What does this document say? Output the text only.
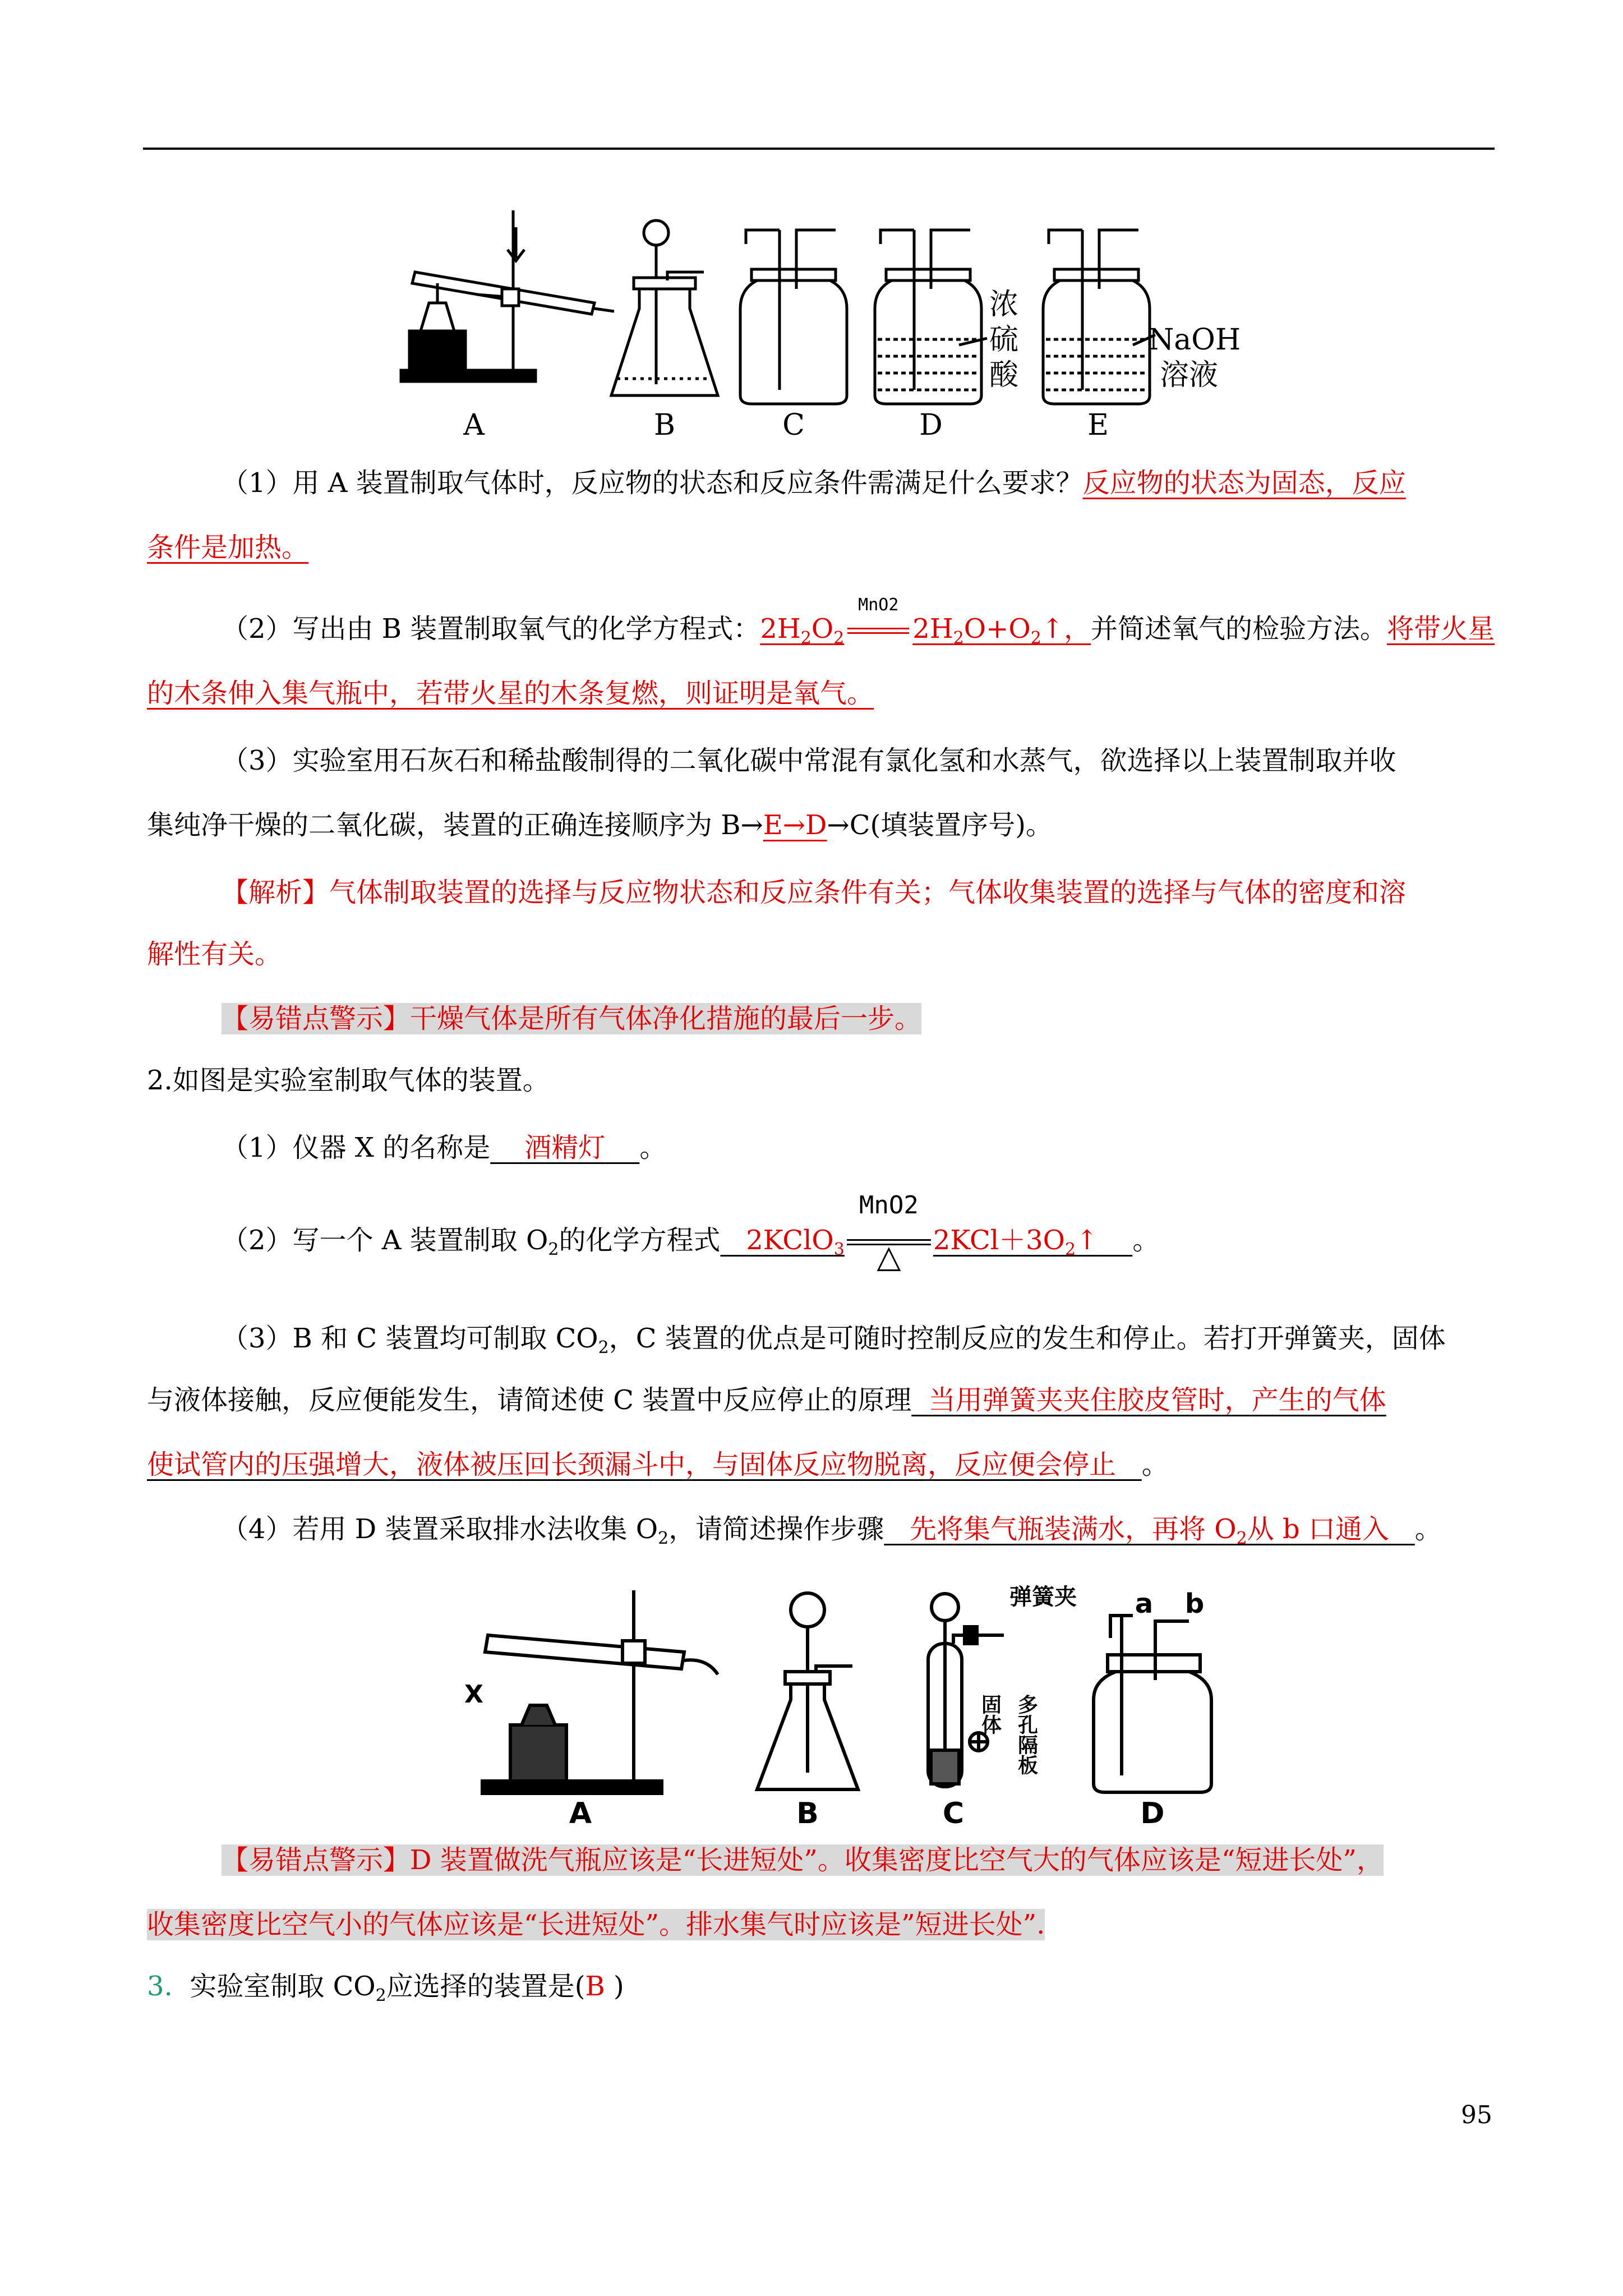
A	B	C	D	E
浓
硫
酸
NaOH
溶液
（1）用 A 装置制取气体时，反应物的状态和反应条件需满足什么要求？反应物的状态为固态，反应
条件是加热。
（2）写出由 B 装置制取氧气的化学方程式：$2H_2O_2$
MnO2
$2H_2O+O_2↑$，并简述氧气的检验方法。将带火星
的木条伸入集气瓶中，若带火星的木条复燃，则证明是氧气。
（3）实验室用石灰石和稀盐酸制得的二氧化碳中常混有氯化氢和水蒸气，欲选择以上装置制取并收
集纯净干燥的二氧化碳，装置的正确连接顺序为 B→E→D→C(填装置序号)。
【解析】气体制取装置的选择与反应物状态和反应条件有关；气体收集装置的选择与气体的密度和溶
解性有关。
【易错点警示】干燥气体是所有气体净化措施的最后一步。
2.如图是实验室制取气体的装置。
（1）仪器 X 的名称是 酒精灯 。
（2）写一个 A 装置制取 $O_2$的化学方程式 2KClO$_3$
MnO2
△	$2KCl+3O_2↑$ 。
（3）B 和 C 装置均可制取 $CO_2$，C 装置的优点是可随时控制反应的发生和停止。若打开弹簧夹，固体
与液体接触，反应便能发生，请简述使 C 装置中反应停止的原理 当用弹簧夹夹住胶皮管时，产生的气体
使试管内的压强增大，液体被压回长颈漏斗中，与固体反应物脱离，反应便会停止 。
（4）若用 D 装置采取排水法收集 $O_2$，请简述操作步骤 先将集气瓶装满水，再将 $O_2$从 b 口通入 。
A	B	C	D
X
弹簧夹 a b
固体 多孔隔板
【易错点警示】D 装置做洗气瓶应该是“长进短处”。收集密度比空气大的气体应该是“短进长处”，
收集密度比空气小的气体应该是“长进短处”。排水集气时应该是”短进长处”.
3. 实验室制取 $CO_2$应选择的装置是(B )
95
